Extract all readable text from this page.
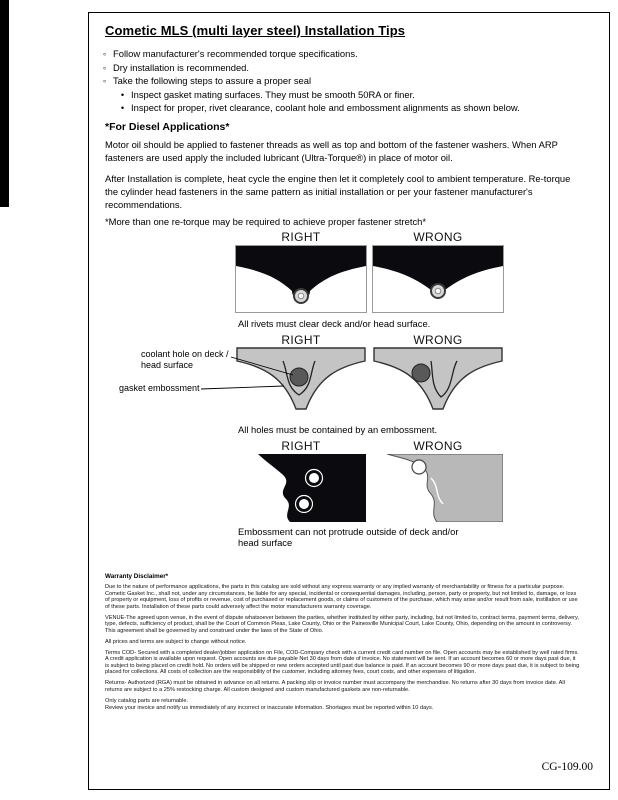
Cometic MLS (multi layer steel) Installation Tips
◦ Follow manufacturer's recommended torque specifications.
◦ Dry installation is recommended.
◦ Take the following steps to assure a proper seal
• Inspect gasket mating surfaces. They must be smooth 50RA or finer.
• Inspect for proper, rivet clearance, coolant hole and embossment alignments as shown below.
*For Diesel Applications*
Motor oil should be applied to fastener threads as well as top and bottom of the fastener washers. When ARP fasteners are used apply the included lubricant (Ultra-Torque®) in place of motor oil.
After Installation is complete, heat cycle the engine then let it completely cool to ambient temperature. Re-torque the cylinder head fasteners in the same pattern as initial installation or per your fastener manufacturer's recommendations.
*More than one re-torque may be required to achieve proper fastener stretch*
RIGHT	WRONG
All rivets must clear deck and/or head surface.
RIGHT	WRONG
coolant hole on deck / head surface
gasket embossment
All holes must be contained by an embossment.
RIGHT	WRONG
Embossment can not protrude outside of deck and/or head surface
Warranty Disclaimer*

Due to the nature of performance applications, the parts in this catalog are sold without any express warranty or any implied warranty of merchantability or fitness for a particular purpose. Cometic Gasket Inc., shall not, under any circumstances, be liable for any special, incidental or consequential damages, including, person, party or property, but not limited to, damage, or loss of property or equipment, loss of profits or revenue, cost of purchased or replacement goods, or claims of customers of the purchase, which may arise and/or result from sale, instillation or use of these parts. Installation of these parts could adversely affect the motor manufacturers warranty coverage.

VENUE-The agreed upon venue, in the event of dispute whatsoever between the parties, whether instituted by either party, including, but not limited to, contract terms, payment terms, delivery, type, defects, sufficiency of product, shall be the Court of Common Pleas, Lake County, Ohio or the Painesville Municipal Court, Lake County, Ohio, depending on the amount in controversy. This agreement shall be governed by and construed under the laws of the State of Ohio.

All prices and terms are subject to change without notice.

Terms COD- Secured with a completed dealer/jobber application on File, COD-Company check with a current credit card number on file. Open accounts may be established by well rated firms. A credit application is available upon request. Open accounts are due payable Net 30 days from date of invoice. No statement will be sent. If an account becomes 60 or more days past due, it is subject to being placed on credit hold. No orders will be shipped or new orders accepted until past due balance is paid. If an account becomes 90 or more days past due, it is subject to being placed for collections. All costs of collection are the responsibility of the customer, including attorney fees, court costs, and other expenses of litigation.

Returns- Authorized (RGA) must be obtained in advance on all returns. A packing slip or invoice number must accompany the merchandise. No returns after 30 days from invoice date. All returns are subject to a 25% restocking charge. All custom designed and custom manufactured gaskets are non-returnable.

Only catalog parts are returnable.

Review your invoice and notify us immediately of any incorrect or inaccurate information. Shortages must be reported within 10 days.

CG-109.00
